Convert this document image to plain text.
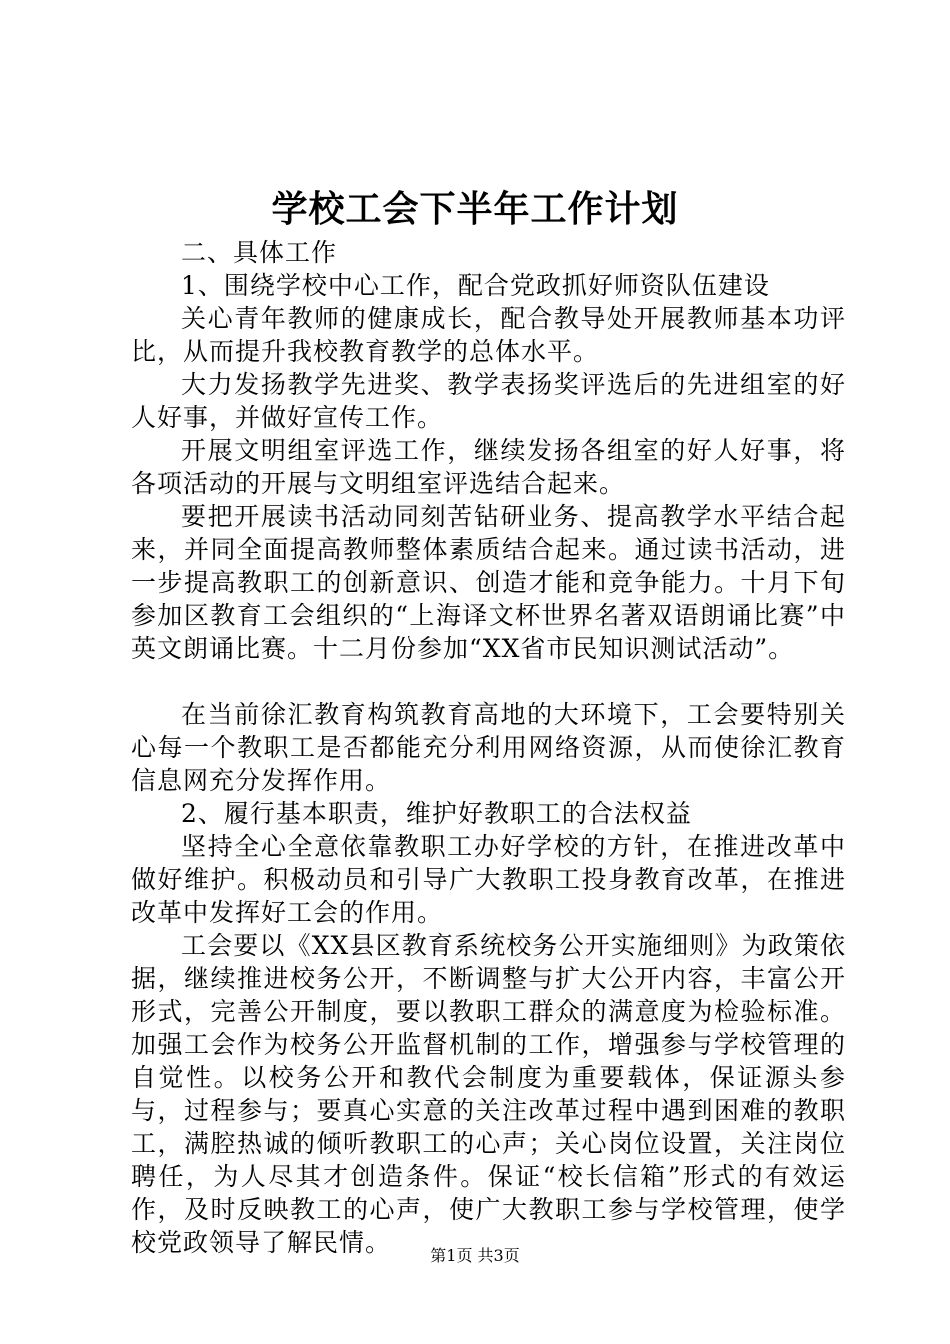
学校工会下半年工作计划

二、具体工作

1、围绕学校中心工作，配合党政抓好师资队伍建设

关心青年教师的健康成长，配合教导处开展教师基本功评比，从而提升我校教育教学的总体水平。

大力发扬教学先进奖、教学表扬奖评选后的先进组室的好人好事，并做好宣传工作。

开展文明组室评选工作，继续发扬各组室的好人好事，将各项活动的开展与文明组室评选结合起来。

要把开展读书活动同刻苦钻研业务、提高教学水平结合起来，并同全面提高教师整体素质结合起来。通过读书活动，进一步提高教职工的创新意识、创造才能和竞争能力。十月下旬参加区教育工会组织的“上海译文杯世界名著双语朗诵比赛”中英文朗诵比赛。十二月份参加“XX省市民知识测试活动”。

在当前徐汇教育构筑教育高地的大环境下，工会要特别关心每一个教职工是否都能充分利用网络资源，从而使徐汇教育信息网充分发挥作用。

2、履行基本职责，维护好教职工的合法权益

坚持全心全意依靠教职工办好学校的方针，在推进改革中做好维护。积极动员和引导广大教职工投身教育改革，在推进改革中发挥好工会的作用。

工会要以《XX县区教育系统校务公开实施细则》为政策依据，继续推进校务公开，不断调整与扩大公开内容，丰富公开形式，完善公开制度，要以教职工群众的满意度为检验标准。加强工会作为校务公开监督机制的工作，增强参与学校管理的自觉性。以校务公开和教代会制度为重要载体，保证源头参与，过程参与；要真心实意的关注改革过程中遇到困难的教职工，满腔热诚的倾听教职工的心声；关心岗位设置，关注岗位聘任，为人尽其才创造条件。保证“校长信箱”形式的有效运作，及时反映教工的心声，使广大教职工参与学校管理，使学校党政领导了解民情。	第1页 共3页
